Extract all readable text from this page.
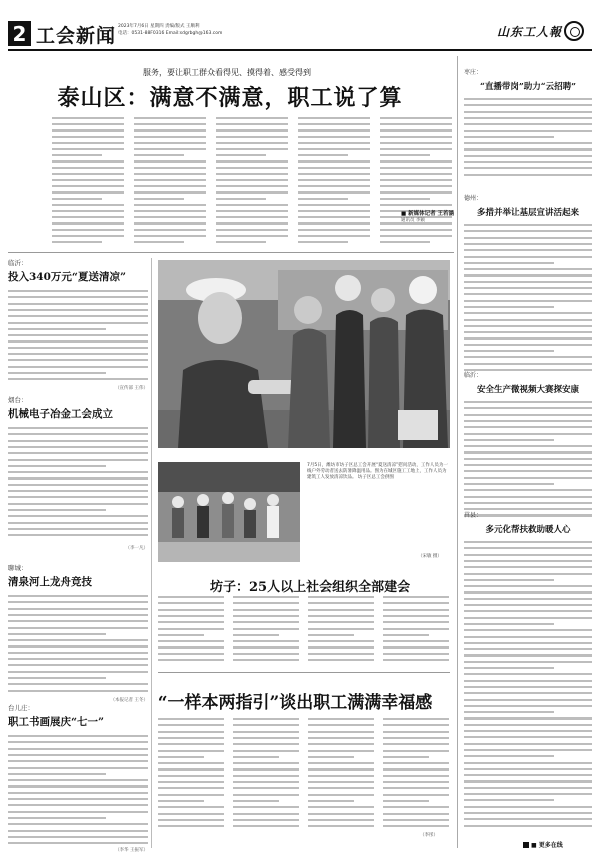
2 工会新闻 2023年7月6日 星期四 责编/版式 王顺利
电话：0531-88F0316 Email:sdgrbgh@163.com	山东工人報
服务，要让职工群众看得见、摸得着、感受得到
泰山区：满意不满意，职工说了算
■ 新媒体记者 王若涵
通讯员 李颖
临沂：
投入340万元“夏送清凉”
（宣传部 王伟）
烟台：
机械电子冶金工会成立
（李一凡）
聊城：
清泉河上龙舟竞技
（本报记者 王冬）
台儿庄：
职工书画展庆“七一”
（李华 王振军）
7月5日，潍坊市坊子区总工会开展“夏送清凉”慰问活动，工作人员为一线户外劳动者送去防暑降温用品。图为在城区施工工地上，工作人员为建筑工人发放清凉饮品。 坊子区总工会供图
（宋敏 摄）
坊子：25人以上社会组织全部建会
枣庄：
“直播带岗”助力“云招聘”
德州：
多措并举让基层宣讲活起来
临沂：
安全生产微视频大赛探安康
莒县：
多元化帮扶救助暖人心
“一样本两指引”谈出职工满满幸福感
（李彤）
■ 更多在线
